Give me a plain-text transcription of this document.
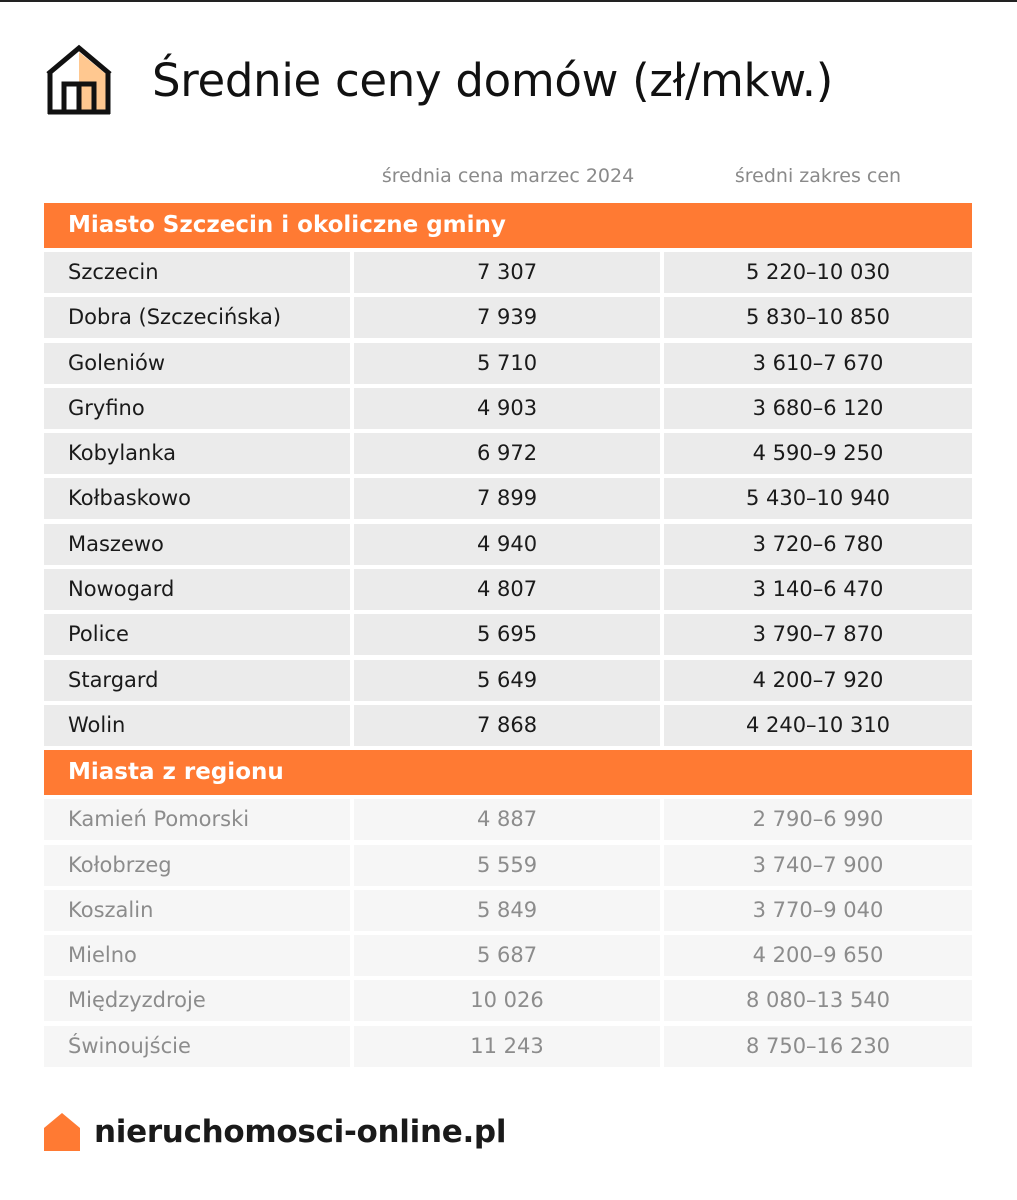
Średnie ceny domów (zł/mkw.)
średnia cena marzec 2024	średni zakres cen
Miasto Szczecin i okoliczne gminy
Szczecin	7 307	5 220–10 030
Dobra (Szczecińska)	7 939	5 830–10 850
Goleniów	5 710	3 610–7 670
Gryfino	4 903	3 680–6 120
Kobylanka	6 972	4 590–9 250
Kołbaskowo	7 899	5 430–10 940
Maszewo	4 940	3 720–6 780
Nowogard	4 807	3 140–6 470
Police	5 695	3 790–7 870
Stargard	5 649	4 200–7 920
Wolin	7 868	4 240–10 310
Miasta z regionu
Kamień Pomorski	4 887	2 790–6 990
Kołobrzeg	5 559	3 740–7 900
Koszalin	5 849	3 770–9 040
Mielno	5 687	4 200–9 650
Międzyzdroje	10 026	8 080–13 540
Świnoujście	11 243	8 750–16 230
nieruchomosci-online.pl
